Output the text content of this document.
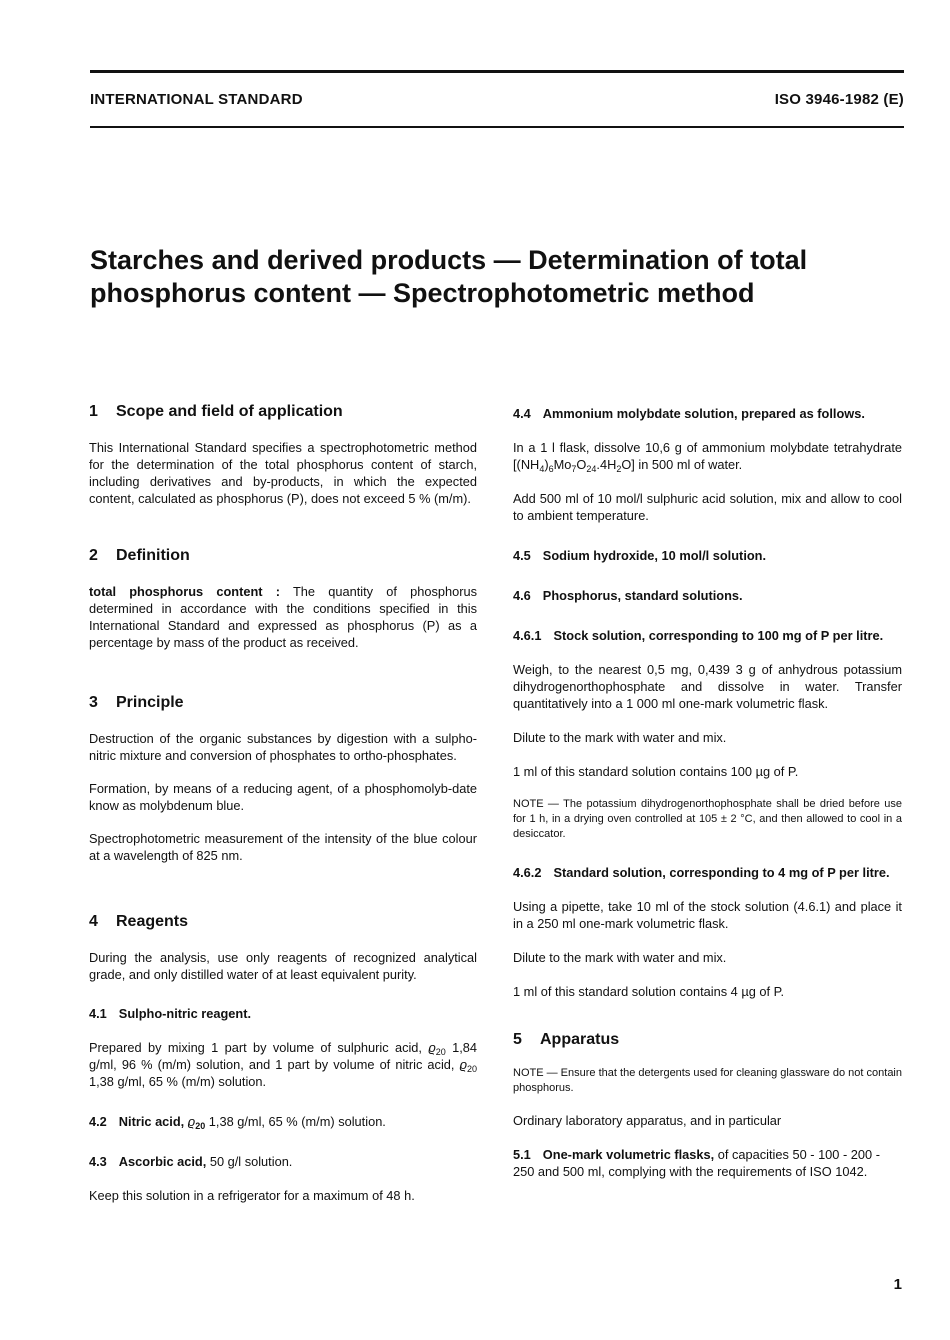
INTERNATIONAL STANDARD	ISO 3946-1982 (E)
Starches and derived products — Determination of total
phosphorus content — Spectrophotometric method
1 Scope and field of application

This International Standard specifies a spectrophotometric method for the determination of the total phosphorus content of starch, including derivatives and by-products, in which the expected content, calculated as phosphorus (P), does not exceed 5 % (m/m).

2 Definition

total phosphorus content : The quantity of phosphorus determined in accordance with the conditions specified in this International Standard and expressed as phosphorus (P) as a percentage by mass of the product as received.

3 Principle

Destruction of the organic substances by digestion with a sulpho-nitric mixture and conversion of phosphates to ortho-phosphates.

Formation, by means of a reducing agent, of a phosphomolyb-date know as molybdenum blue.

Spectrophotometric measurement of the intensity of the blue colour at a wavelength of 825 nm.

4 Reagents

During the analysis, use only reagents of recognized analytical grade, and only distilled water of at least equivalent purity.

4.1 Sulpho-nitric reagent.

Prepared by mixing 1 part by volume of sulphuric acid, $ϱ_{20}$ 1,84 g/ml, 96 % (m/m) solution, and 1 part by volume of nitric acid, $ϱ_{20}$ 1,38 g/ml, 65 % (m/m) solution.

4.2 Nitric acid, $ϱ_{20}$ 1,38 g/ml, 65 % (m/m) solution.
4.3 Ascorbic acid, 50 g/l solution.

Keep this solution in a refrigerator for a maximum of 48 h.

4.4 Ammonium molybdate solution, prepared as follows.

In a 1 l flask, dissolve 10,6 g of ammonium molybdate tetrahydrate $[(NH_4)_6Mo_7O_{24}.4H_2O]$ in 500 ml of water.

Add 500 ml of 10 mol/l sulphuric acid solution, mix and allow to cool to ambient temperature.

4.5 Sodium hydroxide, 10 mol/l solution.
4.6 Phosphorus, standard solutions.
4.6.1 Stock solution, corresponding to 100 mg of P per litre.

Weigh, to the nearest 0,5 mg, 0,439 3 g of anhydrous potassium dihydrogenorthophosphate and dissolve in water. Transfer quantitatively into a 1 000 ml one-mark volumetric flask.

Dilute to the mark with water and mix.

1 ml of this standard solution contains 100 µg of P.

NOTE — The potassium dihydrogenorthophosphate shall be dried before use for 1 h, in a drying oven controlled at 105 ± 2 °C, and then allowed to cool in a desiccator.

4.6.2 Standard solution, corresponding to 4 mg of P per litre.

Using a pipette, take 10 ml of the stock solution (4.6.1) and place it in a 250 ml one-mark volumetric flask.

Dilute to the mark with water and mix.

1 ml of this standard solution contains 4 µg of P.

5 Apparatus

NOTE — Ensure that the detergents used for cleaning glassware do not contain phosphorus.

Ordinary laboratory apparatus, and in particular

5.1 One-mark volumetric flasks, of capacities 50 - 100 - 200 - 250 and 500 ml, complying with the requirements of ISO 1042.
1
